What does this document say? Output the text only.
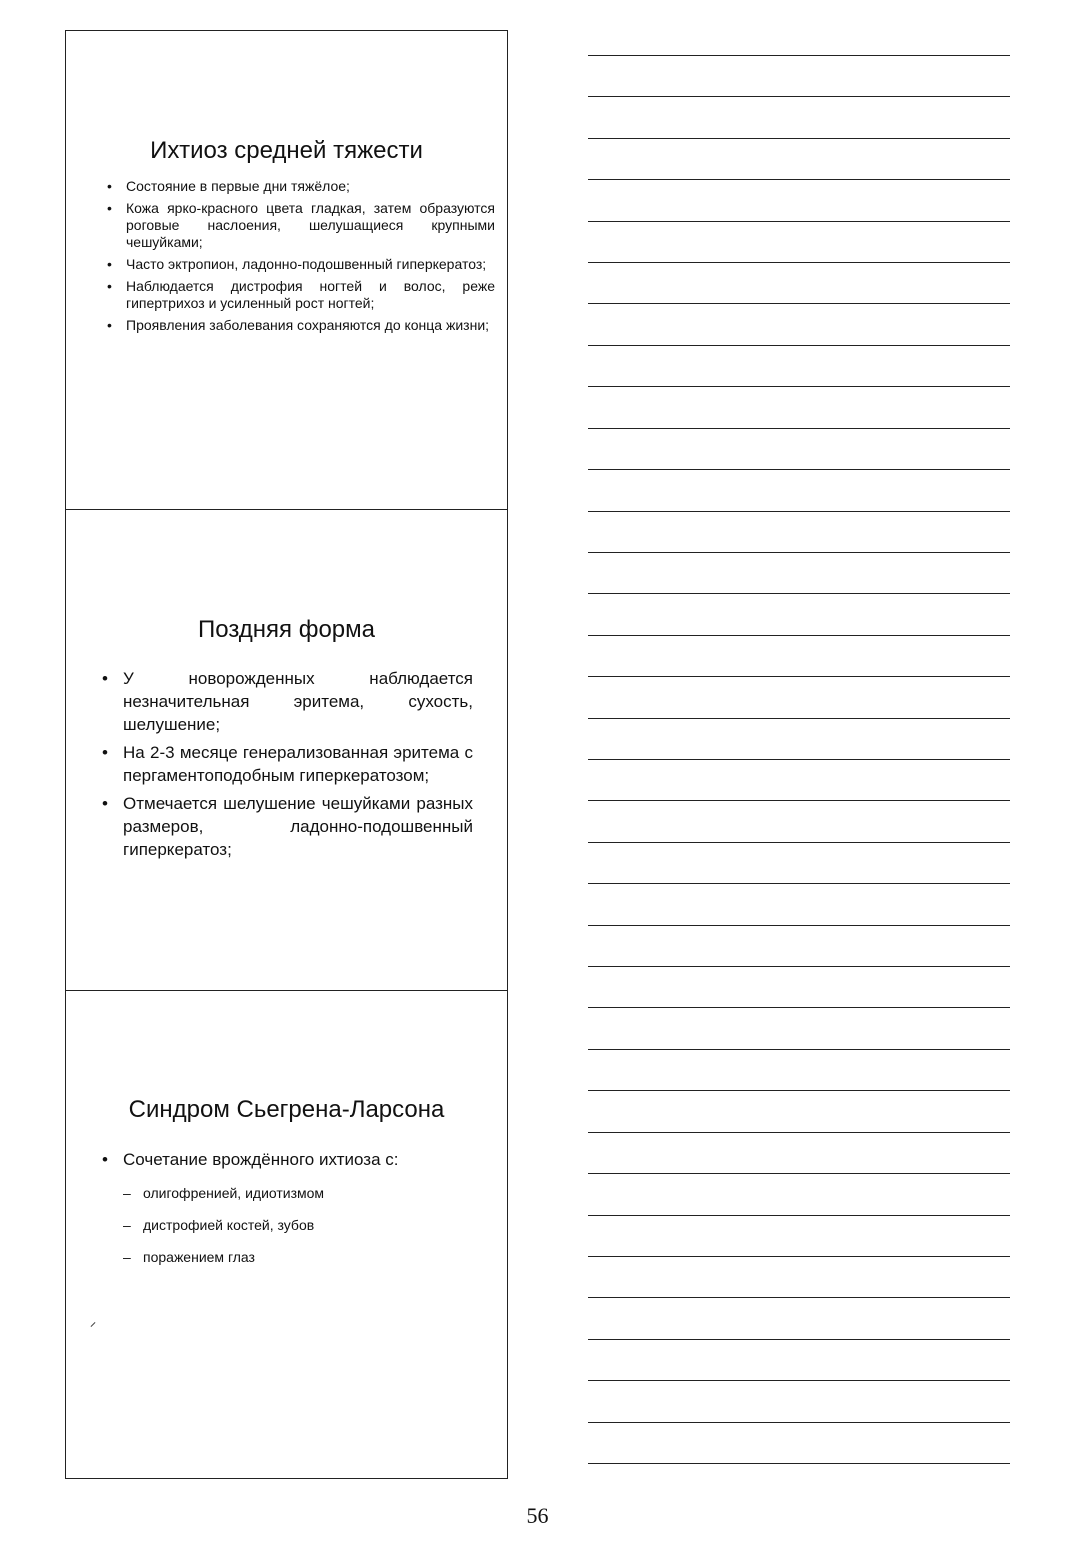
Ихтиоз средней тяжести
• Состояние в первые дни тяжёлое;
• Кожа ярко-красного цвета гладкая, затем образуются роговые наслоения, шелушащиеся крупными чешуйками;
• Часто эктропион, ладонно-подошвенный гиперкератоз;
• Наблюдается дистрофия ногтей и волос, реже гипертрихоз и усиленный рост ногтей;
• Проявления заболевания сохраняются до конца жизни;
Поздняя форма
• У новорожденных наблюдается незначительная эритема, сухость, шелушение;
• На 2-3 месяце генерализованная эритема с пергаментоподобным гиперкератозом;
• Отмечается шелушение чешуйками разных размеров, ладонно-подошвенный гиперкератоз;
Синдром Сьегрена-Ларсона
• Сочетание врождённого ихтиоза с:
– олигофренией, идиотизмом
– дистрофией костей, зубов
– поражением глаз
56
